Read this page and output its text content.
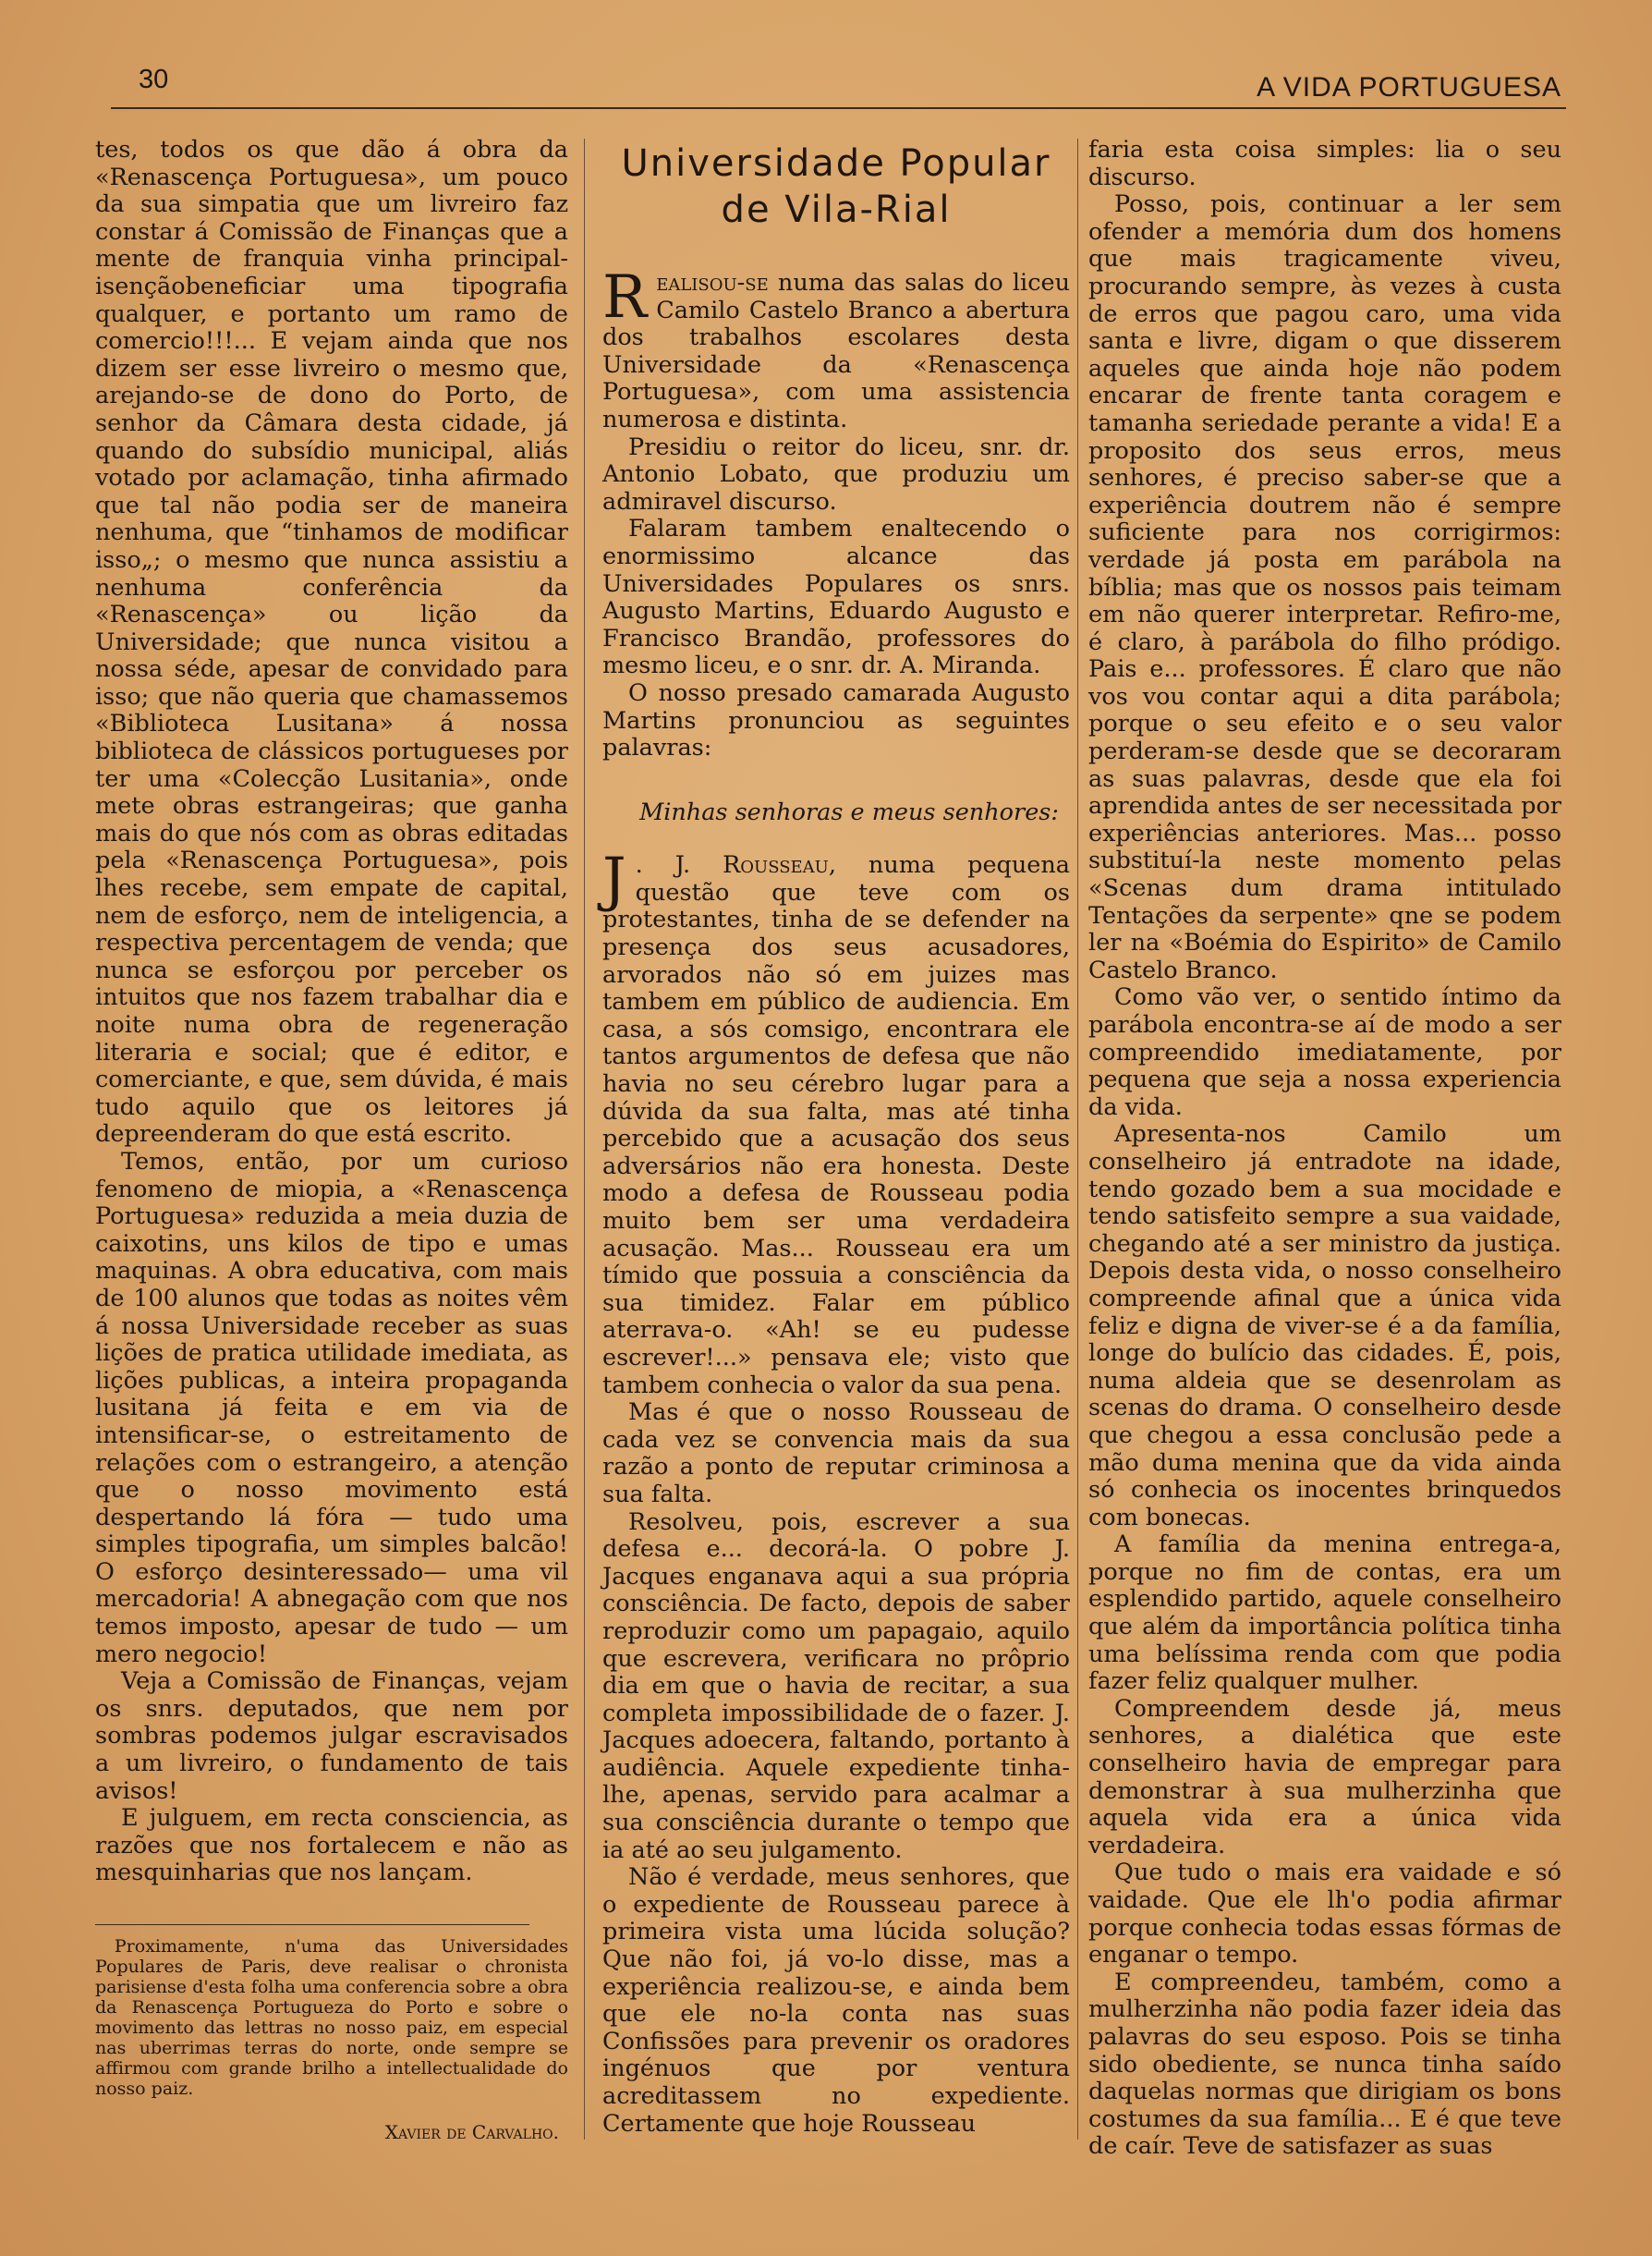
30	A VIDA PORTUGUESA

tes, todos os que dão á obra da «Renascença Portuguesa», um pouco da sua simpatia que um livreiro faz constar á Comissão de Finanças que a mente de franquia vinha principal-isençãobeneficiar uma tipografia qualquer, e portanto um ramo de comercio!!!... E vejam ainda que nos dizem ser esse livreiro o mesmo que, arejando-se de dono do Porto, de senhor da Câmara desta cidade, já quando do subsídio municipal, aliás votado por aclamação, tinha afirmado que tal não podia ser de maneira nenhuma, que “tinhamos de modificar isso„; o mesmo que nunca assistiu a nenhuma conferência da «Renascença» ou lição da Universidade; que nunca visitou a nossa séde, apesar de convidado para isso; que não queria que chamassemos «Biblioteca Lusitana» á nossa biblioteca de clássicos portugueses por ter uma «Colecção Lusitania», onde mete obras estrangeiras; que ganha mais do que nós com as obras editadas pela «Renascença Portuguesa», pois lhes recebe, sem empate de capital, nem de esforço, nem de inteligencia, a respectiva percentagem de venda; que nunca se esforçou por perceber os intuitos que nos fazem trabalhar dia e noite numa obra de regeneração literaria e social; que é editor, e comerciante, e que, sem dúvida, é mais tudo aquilo que os leitores já depreenderam do que está escrito.

Temos, então, por um curioso fenomeno de miopia, a «Renascença Portuguesa» reduzida a meia duzia de caixotins, uns kilos de tipo e umas maquinas. A obra educativa, com mais de 100 alunos que todas as noites vêm á nossa Universidade receber as suas lições de pratica utilidade imediata, as lições publicas, a inteira propaganda lusitana já feita e em via de intensificar-se, o estreitamento de relações com o estrangeiro, a atenção que o nosso movimento está despertando lá fóra — tudo uma simples tipografia, um simples balcão! O esforço desinteressado— uma vil mercadoria! A abnegação com que nos temos imposto, apesar de tudo — um mero negocio!

Veja a Comissão de Finanças, vejam os snrs. deputados, que nem por sombras podemos julgar escravisados a um livreiro, o fundamento de tais avisos!

E julguem, em recta consciencia, as razões que nos fortalecem e não as mesquinharias que nos lançam.

Proximamente, n'uma das Universidades Populares de Paris, deve realisar o chronista parisiense d'esta folha uma conferencia sobre a obra da Renascença Portugueza do Porto e sobre o movimento das lettras no nosso paiz, em especial nas uberrimas terras do norte, onde sempre se affirmou com grande brilho a intellectualidade do nosso paiz.

Xavier de Carvalho.
Universidade Popular
de Vila-Rial

Realisou-se numa das salas do liceu Camilo Castelo Branco a abertura dos trabalhos escolares desta Universidade da «Renascença Portuguesa», com uma assistencia numerosa e distinta.

Presidiu o reitor do liceu, snr. dr. Antonio Lobato, que produziu um admiravel discurso.

Falaram tambem enaltecendo o enormissimo alcance das Universidades Populares os snrs. Augusto Martins, Eduardo Augusto e Francisco Brandão, professores do mesmo liceu, e o snr. dr. A. Miranda.

O nosso presado camarada Augusto Martins pronunciou as seguintes palavras:

Minhas senhoras e meus senhores:

J . J. Rousseau, numa pequena questão que teve com os protestantes, tinha de se defender na presença dos seus acusadores, arvorados não só em juizes mas tambem em público de audiencia. Em casa, a sós comsigo, encontrara ele tantos argumentos de defesa que não havia no seu cérebro lugar para a dúvida da sua falta, mas até tinha percebido que a acusação dos seus adversários não era honesta. Deste modo a defesa de Rousseau podia muito bem ser uma verdadeira acusação. Mas... Rousseau era um tímido que possuia a consciência da sua timidez. Falar em público aterrava-o. «Ah! se eu pudesse escrever!...» pensava ele; visto que tambem conhecia o valor da sua pena.

Mas é que o nosso Rousseau de cada vez se convencia mais da sua razão a ponto de reputar criminosa a sua falta.

Resolveu, pois, escrever a sua defesa e... decorá-la. O pobre J. Jacques enganava aqui a sua própria consciência. De facto, depois de saber reproduzir como um papagaio, aquilo que escrevera, verificara no prôprio dia em que o havia de recitar, a sua completa impossibilidade de o fazer. J. Jacques adoecera, faltando, portanto à audiência. Aquele expediente tinha-lhe, apenas, servido para acalmar a sua consciência durante o tempo que ia até ao seu julgamento.

Não é verdade, meus senhores, que o expediente de Rousseau parece à primeira vista uma lúcida solução? Que não foi, já vo-lo disse, mas a experiência realizou-se, e ainda bem que ele no-la conta nas suas Confissões para prevenir os oradores ingénuos que por ventura acreditassem no expediente. Certamente que hoje Rousseau

faria esta coisa simples: lia o seu discurso.

Posso, pois, continuar a ler sem ofender a memória dum dos homens que mais tragicamente viveu, procurando sempre, às vezes à custa de erros que pagou caro, uma vida santa e livre, digam o que disserem aqueles que ainda hoje não podem encarar de frente tanta coragem e tamanha seriedade perante a vida! E a proposito dos seus erros, meus senhores, é preciso saber-se que a experiência doutrem não é sempre suficiente para nos corrigirmos: verdade já posta em parábola na bíblia; mas que os nossos pais teimam em não querer interpretar. Refiro-me, é claro, à parábola do filho pródigo. Pais e... professores. É claro que não vos vou contar aqui a dita parábola; porque o seu efeito e o seu valor perderam-se desde que se decoraram as suas palavras, desde que ela foi aprendida antes de ser necessitada por experiências anteriores. Mas... posso substituí-la neste momento pelas «Scenas dum drama intitulado Tentações da serpente» qne se podem ler na «Boémia do Espirito» de Camilo Castelo Branco.

Como vão ver, o sentido íntimo da parábola encontra-se aí de modo a ser compreendido imediatamente, por pequena que seja a nossa experiencia da vida.

Apresenta-nos Camilo um conselheiro já entradote na idade, tendo gozado bem a sua mocidade e tendo satisfeito sempre a sua vaidade, chegando até a ser ministro da justiça. Depois desta vida, o nosso conselheiro compreende afinal que a única vida feliz e digna de viver-se é a da família, longe do bulício das cidades. É, pois, numa aldeia que se desenrolam as scenas do drama. O conselheiro desde que chegou a essa conclusão pede a mão duma menina que da vida ainda só conhecia os inocentes brinquedos com bonecas.

A família da menina entrega-a, porque no fim de contas, era um esplendido partido, aquele conselheiro que além da importância política tinha uma belíssima renda com que podia fazer feliz qualquer mulher.

Compreendem desde já, meus senhores, a dialética que este conselheiro havia de empregar para demonstrar à sua mulherzinha que aquela vida era a única vida verdadeira.

Que tudo o mais era vaidade e só vaidade. Que ele lh'o podia afirmar porque conhecia todas essas fórmas de enganar o tempo.

E compreendeu, também, como a mulherzinha não podia fazer ideia das palavras do seu esposo. Pois se tinha sido obediente, se nunca tinha saído daquelas normas que dirigiam os bons costumes da sua família... E é que teve de caír. Teve de satisfazer as suas
